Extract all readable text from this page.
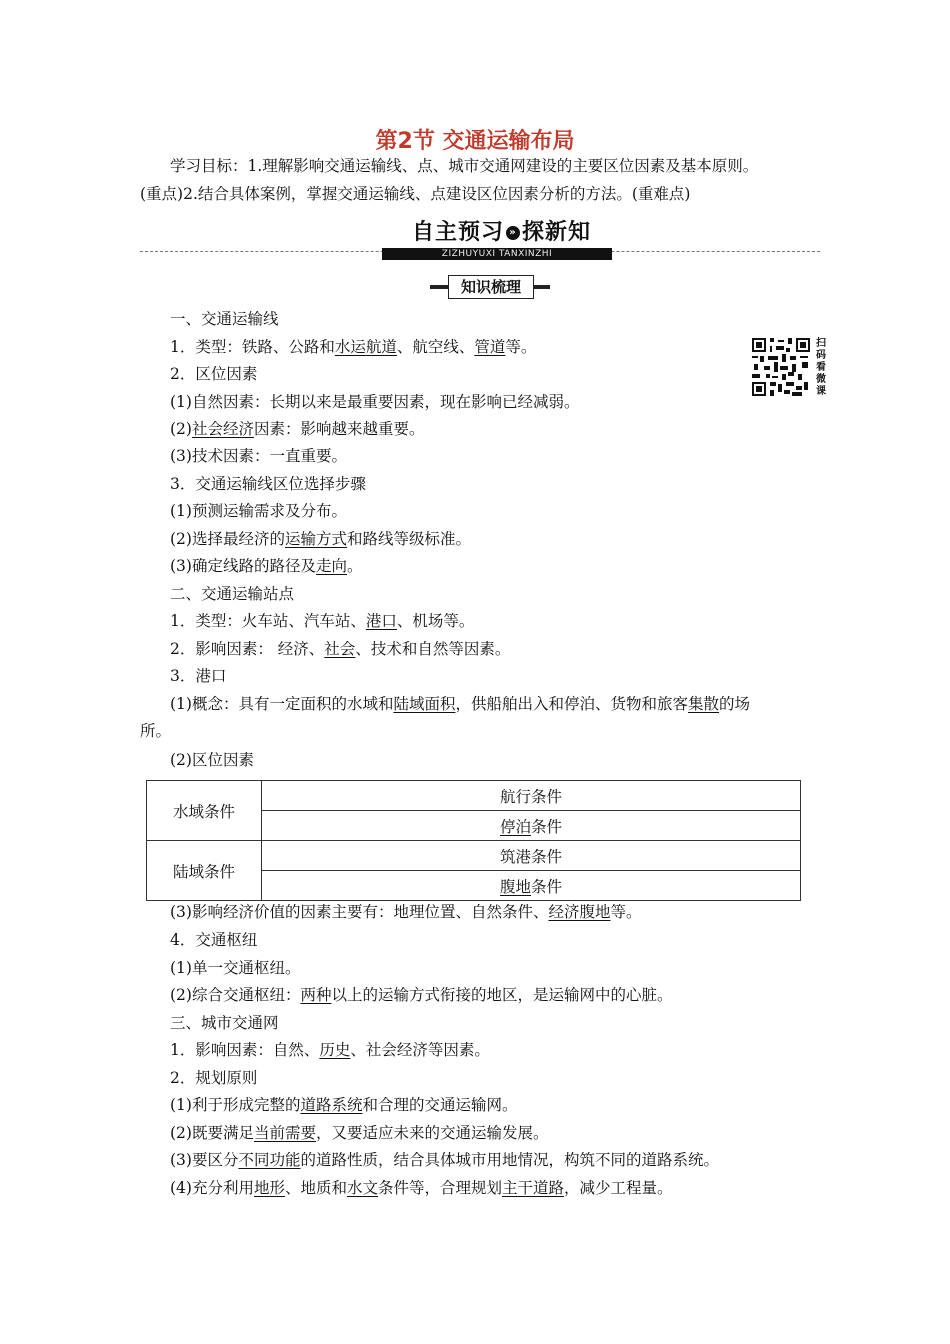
第2节 交通运输布局
学习目标：1.理解影响交通运输线、点、城市交通网建设的主要区位因素及基本原则。

(重点)2.结合具体案例，掌握交通运输线、点建设区位因素分析的方法。(重难点)
自主预习 » 探新知
ZIZHUYUXI TANXINZHI
知识梳理
扫码看微课
一、交通运输线
1．类型：铁路、公路和水运航道、航空线、管道等。
2．区位因素
(1)自然因素：长期以来是最重要因素，现在影响已经减弱。
(2)社会经济因素：影响越来越重要。
(3)技术因素：一直重要。
3．交通运输线区位选择步骤
(1)预测运输需求及分布。
(2)选择最经济的运输方式和路线等级标准。
(3)确定线路的路径及走向。
二、交通运输站点
1．类型：火车站、汽车站、港口、机场等。
2．影响因素： 经济、社会、技术和自然等因素。
3．港口
(1)概念：具有一定面积的水域和陆域面积，供船舶出入和停泊、货物和旅客集散的场
所。
(2)区位因素
水域条件	航行条件
	停泊条件
陆域条件	筑港条件
	腹地条件
(3)影响经济价值的因素主要有：地理位置、自然条件、经济腹地等。
4．交通枢纽
(1)单一交通枢纽。
(2)综合交通枢纽：两种以上的运输方式衔接的地区，是运输网中的心脏。
三、城市交通网
1．影响因素：自然、历史、社会经济等因素。
2．规划原则
(1)利于形成完整的道路系统和合理的交通运输网。
(2)既要满足当前需要，又要适应未来的交通运输发展。
(3)要区分不同功能的道路性质，结合具体城市用地情况，构筑不同的道路系统。
(4)充分利用地形、地质和水文条件等，合理规划主干道路，减少工程量。
